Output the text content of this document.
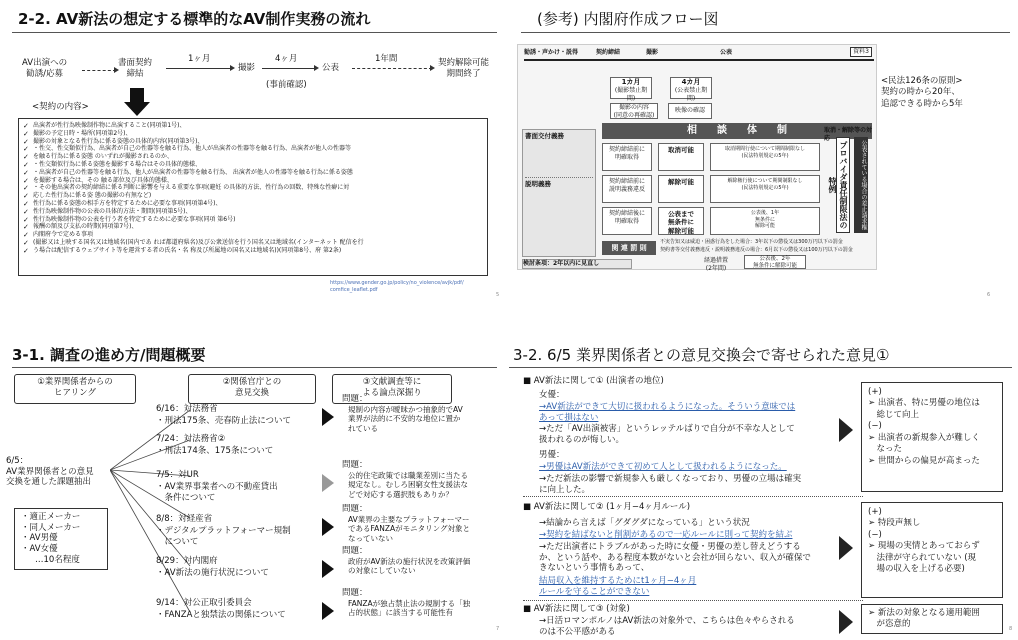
2-2. AV新法の想定する標準的なAV制作実務の流れ
AV出演への
勧誘/応募
書面契約
締結
1ヶ月
撮影
4ヶ月
(事前確認)
公表
1年間	契約解除可能
期間終了
<契約の内容>
✓ 出演者が性行為映像制作物に出演すること(同項第1号)、
✓ 撮影の予定日時・場所(同項第2号)、
✓ 撮影の対象となる性行為に係る姿態の具体的内容(同項第3号)、
✓ ・性交、性交類似行為、出演者が自己の性器等を触る行為、他人が出演者の性器等を触る行為、出演者が他人の性器等
✓ を触る行為に係る姿態 のいずれが撮影されるのか、
✓ ・性交類似行為に係る姿態を撮影する場合はその具体的態様、
✓ ・出演者が自己の性器等を触る行為、他人が出演者の性器等を触る行為、 出演者が他人の性器等を触る行為に係る姿態
✓ を撮影する場合は、その 触る部位及び具体的態様、
✓ ・その他出演者の契約締結に係る判断に影響を与える重要な事項(避妊 の具体的方法、性行為の回数、特殊な性癖に対
✓ 応した性行為に係る姿 態の撮影の有無など)
✓ 性行為に係る姿態の相手方を特定するために必要な事項(同項第4号)、
✓ 性行為映像制作物の公表の具体的方法・期間(同項第5号)、
✓ 性行為映像制作物の公表を行う者を特定するために必要な事項(同項 第6号)
✓ 報酬の額及び支払の時期(同項第7号)、
✓ 内閣府令で定める事項
✓ (撮影又は上映する国名又は地域名(国内であ れば都道府県名)及び公衆送信を行う国名又は地域名(インターネット 配信を行
✓ う場合は配信するウェブサイト等を運営する者の氏名・名 称及び所属地の国名又は地域名))(同項第8号、府 第2条)
https://www.gender.go.jp/policy/no_violence/avjk/pdf/
comfice_leaflet.pdf
5
(参考) 内閣府作成フロー図
資料3
勧誘・声かけ・説得	契約締結	撮影	公表
1カ月
(撮影禁止期間)
4カ月
(公表禁止期間)
撮影の内容
(同意の再確認)
映像の確認
相　　談　　体　　制
書面交付義務
説明義務
契約締結前に
明確取得
取消可能	取消期間行使について期間制限なし
(民法特別規定の5年)
契約締結前に
説明義務違反
解除可能	解除権行使について期間制限なし
(民法特別規定の5年)
契約締結後に
明確取得
公表まで
無条件に
解除可能
公表後、1年
無条件に
解除可能
取消・解除等の対応
プロバイダ責任制限法の特例	公表されている場合の差止請求権
関 連 罰 則
不実告知又は威迫・困惑行為をした場合：3年以下の懲役又は300万円以下の罰金
契約書等交付義務違反・説明義務違反の場合：6月以下の懲役又は100万円以下の罰金
検討条項：2年以内に見直し	経過措置
(2年間)
公表後、2年
無条件に解除可能
<民法126条の原則>
契約の時から20年、
追認できる時から5年
6
3-1. 調査の進め方/問題概要
①業界関係者からの
ヒアリング
②関係官庁との
意見交換
③文献調査等に
よる論点深掘り
6/5：
AV業界関係者との意見
交換を通した課題抽出
・適正メーカー
・同人メーカー
・AV男優
・AV女優
…10名程度
6/16：対法務省
・刑法175条、売春防止法について
問題：
規制の内容が曖昧かつ抽象的でAV
業界が法的に不安的な地位に置か
れている
7/24：対法務省②
・刑法174条、175条について
7/5：対UR
・AV業界事業者への不動産貸出
　条件について
問題：
公的住宅政策では職業差別に当たる
規定なし。むしろ困窮女性支援法な
どで対応する選択肢もありか？
8/8：対経産省
・デジタルプラットフォーマー規制
　について
問題：
AV業界の主要なプラットフォーマー
であるFANZAがモニタリング対象と
なっていない
8/29：対内閣府
・AV新法の施行状況について
問題：
政府がAV新法の施行状況を改策評価
の対象にしていない
9/14：対公正取引委員会
・FANZAと独禁法の関係について
問題：
FANZAが独占禁止法の規制する「独
占的状態」に該当する可能性有
7
3-2. 6/5 業界関係者との意見交換会で寄せられた意見①
■ AV新法に関して① (出演者の地位)
女優：
→AV新法ができて大切に扱われるようになった。そういう意味では
あって損はない
→ただ「AV出演被害」というレッテルばりで自分が不幸な人として
扱われるのが悔しい。
男優：
→男優はAV新法ができて初めて人として扱われるようになった。
→ただ新法の影響で新規参入も厳しくなっており、男優の立場は確実
に向上した。
(+)
➢ 出演者、特に男優の地位は
　総じて向上
(−)
➢ 出演者の新規参入が難しく
　なった
➢ 世間からの偏見が高まった
■ AV新法に関して② (1ヶ月−4ヶ月ルール)
→結論から言えば「グダグダになっている」という状況
→契約を結ばないと削割があるので一応ルールに則って契約を結ぶ
→ただ出演者にトラブルがあった時に女優・男優の差し替えどうする
か、という話や、ある程度本数がないと会社が回らない、収入が確保で
きないという事情もあって、
結局収入を維持するためにt1ヶ月−4ヶ月
ルールを守ることができない
(+)
➢ 特段声無し
(−)
➢ 現場の実情とあっておらず
　法律が守られていない (現
　場の収入を上げる必要)
■ AV新法に関して③ (対象)
→日活ロマンポルノはAV新法の対象外で、こちらは色々やらされる
のは不公平感がある
➢ 新法の対象となる適用範囲
　が恣意的	8
